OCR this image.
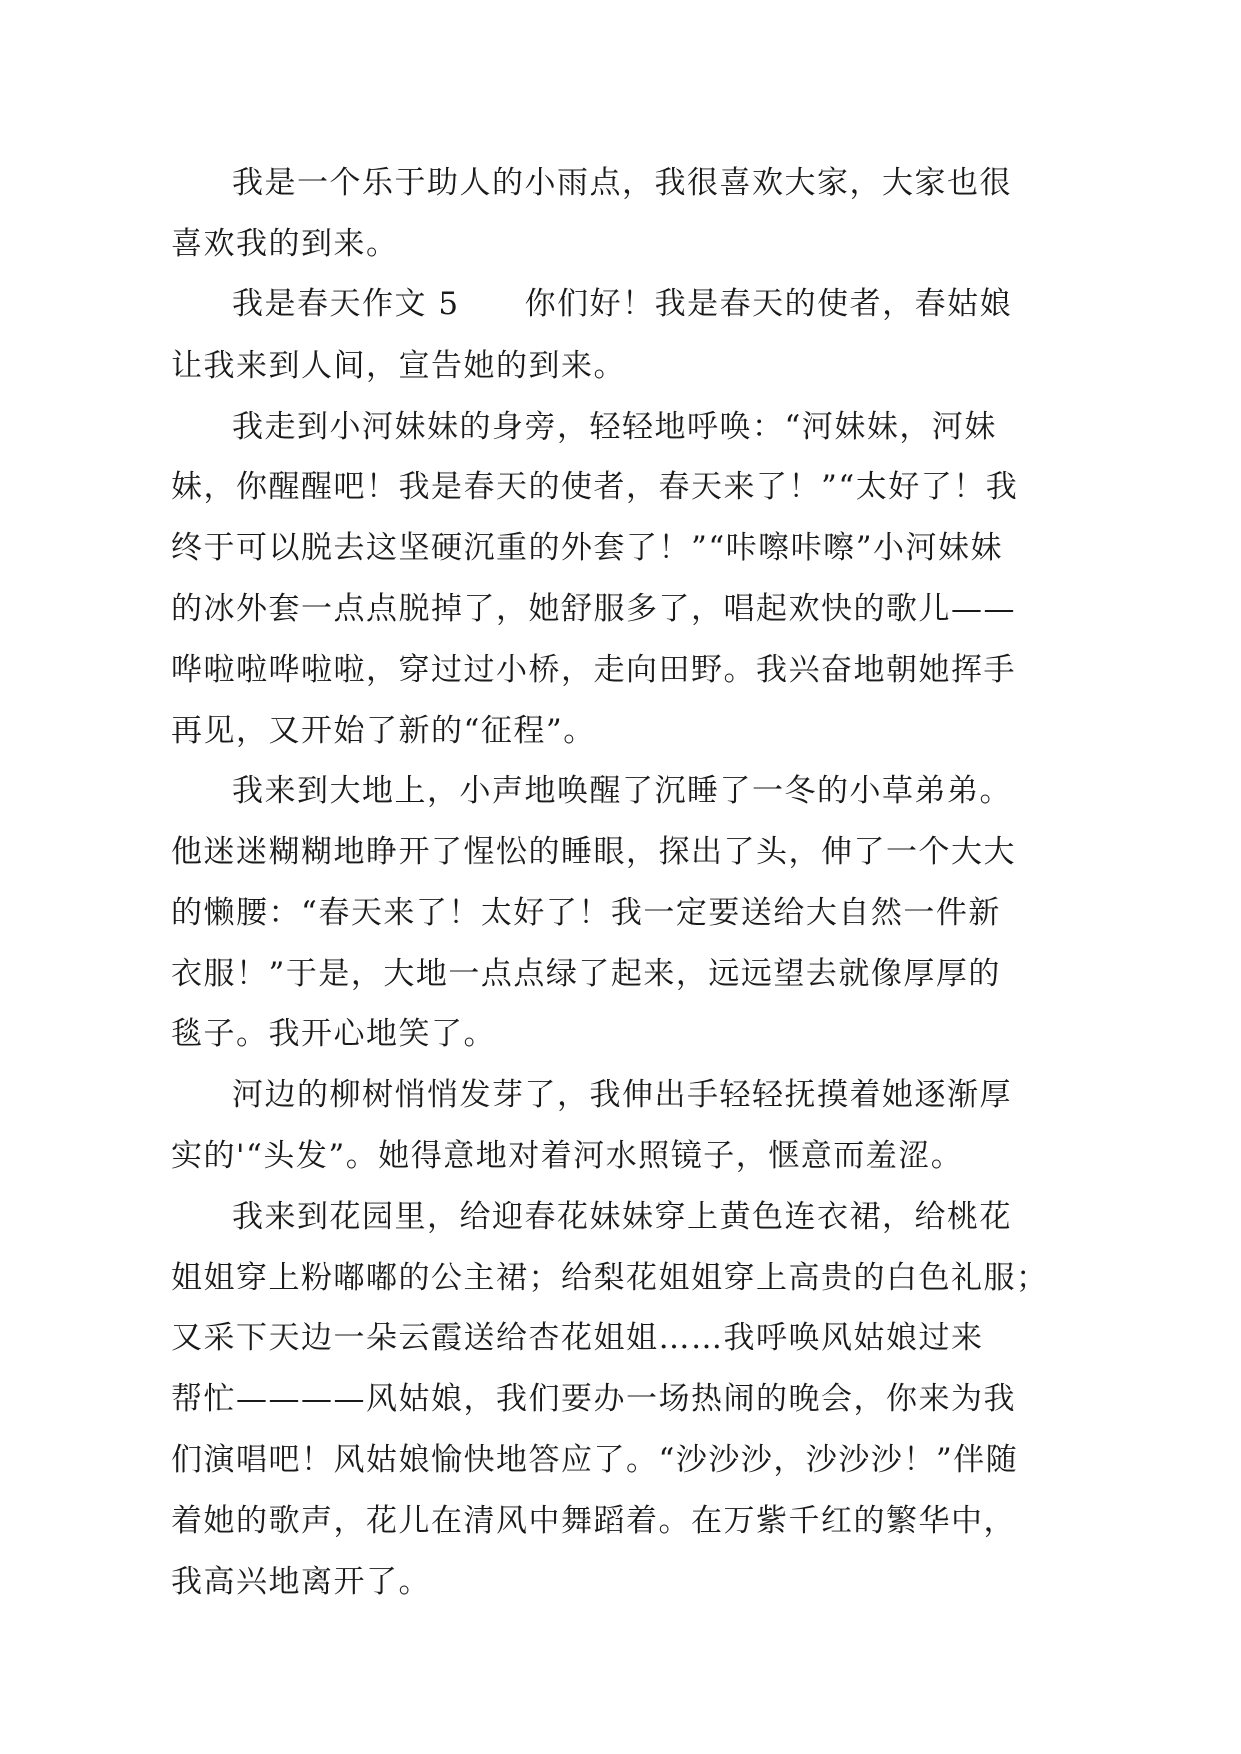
我是一个乐于助人的小雨点，我很喜欢大家，大家也很
喜欢我的到来。
我是春天作文 5　　你们好！我是春天的使者，春姑娘
让我来到人间，宣告她的到来。
我走到小河妹妹的身旁，轻轻地呼唤：“河妹妹，河妹
妹，你醒醒吧！我是春天的使者，春天来了！”“太好了！我
终于可以脱去这坚硬沉重的外套了！”“咔嚓咔嚓”小河妹妹
的冰外套一点点脱掉了，她舒服多了，唱起欢快的歌儿——
哗啦啦哗啦啦，穿过过小桥，走向田野。我兴奋地朝她挥手
再见，又开始了新的“征程”。
我来到大地上，小声地唤醒了沉睡了一冬的小草弟弟。
他迷迷糊糊地睁开了惺忪的睡眼，探出了头，伸了一个大大
的懒腰：“春天来了！太好了！我一定要送给大自然一件新
衣服！”于是，大地一点点绿了起来，远远望去就像厚厚的
毯子。我开心地笑了。
河边的柳树悄悄发芽了，我伸出手轻轻抚摸着她逐渐厚
实的'“头发”。她得意地对着河水照镜子，惬意而羞涩。
我来到花园里，给迎春花妹妹穿上黄色连衣裙，给桃花
姐姐穿上粉嘟嘟的公主裙；给梨花姐姐穿上高贵的白色礼服；
又采下天边一朵云霞送给杏花姐姐……我呼唤风姑娘过来
帮忙————风姑娘，我们要办一场热闹的晚会，你来为我
们演唱吧！风姑娘愉快地答应了。“沙沙沙，沙沙沙！”伴随
着她的歌声，花儿在清风中舞蹈着。在万紫千红的繁华中，
我高兴地离开了。
